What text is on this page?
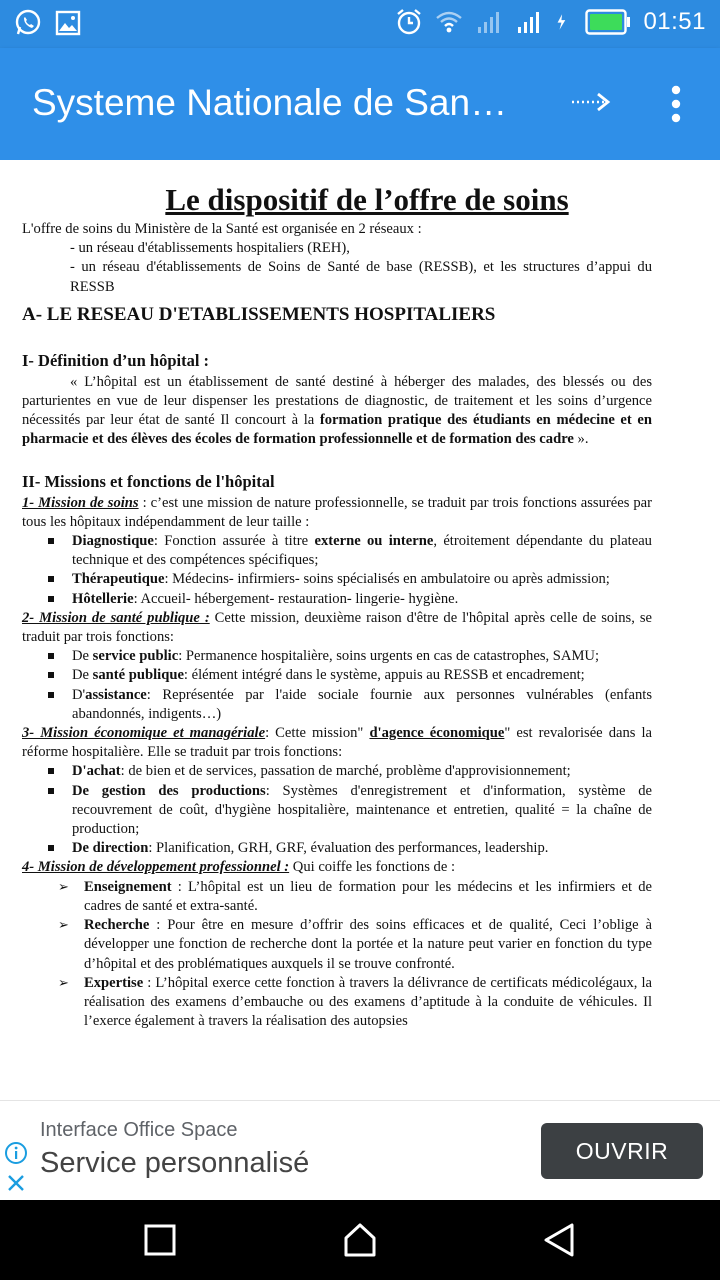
01:51
Systeme Nationale de San…
Le dispositif de l’offre de soins
L'offre de soins du Ministère de la Santé est organisée en 2 réseaux :
- un réseau d'établissements hospitaliers (REH),
- un réseau d'établissements de Soins de Santé de base (RESSB), et les structures d’appui du RESSB
A- LE RESEAU D'ETABLISSEMENTS HOSPITALIERS
I- Définition d’un hôpital :
« L’hôpital est un établissement de santé destiné à héberger des malades, des blessés ou des parturientes en vue de leur dispenser les prestations de diagnostic, de traitement et les soins d’urgence nécessités par leur état de santé Il concourt à la formation pratique des étudiants en médecine et en pharmacie et des élèves des écoles de formation professionnelle et de formation des cadre ».
II- Missions et fonctions de l'hôpital
1- Mission de soins : c’est une mission de nature professionnelle, se traduit par trois fonctions assurées par tous les hôpitaux indépendamment de leur taille :
Diagnostique: Fonction assurée à titre externe ou interne, étroitement dépendante du plateau technique et des compétences spécifiques;
Thérapeutique: Médecins- infirmiers- soins spécialisés en ambulatoire ou après admission;
Hôtellerie: Accueil- hébergement- restauration- lingerie- hygiène.
2- Mission de santé publique : Cette mission, deuxième raison d'être de l'hôpital après celle de soins, se traduit par trois fonctions:
De service public: Permanence hospitalière, soins urgents en cas de catastrophes, SAMU;
De santé publique: élément intégré dans le système, appuis au RESSB et encadrement;
D'assistance: Représentée par l'aide sociale fournie aux personnes vulnérables (enfants abandonnés, indigents…)
3- Mission économique et managériale: Cette mission" d'agence économique" est revalorisée dans la réforme hospitalière. Elle se traduit par trois fonctions:
D'achat: de bien et de services, passation de marché, problème d'approvisionnement;
De gestion des productions: Systèmes d'enregistrement et d'information, système de recouvrement de coût, d'hygiène hospitalière, maintenance et entretien, qualité = la chaîne de production;
De direction: Planification, GRH, GRF, évaluation des performances, leadership.
4- Mission de développement professionnel : Qui coiffe les fonctions de :
➢ Enseignement : L’hôpital est un lieu de formation pour les médecins et les infirmiers et de cadres de santé et extra-santé.
➢ Recherche : Pour être en mesure d’offrir des soins efficaces et de qualité, Ceci l’oblige à développer une fonction de recherche dont la portée et la nature peut varier en fonction du type d’hôpital et des problématiques auxquels il se trouve confronté.
➢ Expertise : L’hôpital exerce cette fonction à travers la délivrance de certificats médicolégaux, la réalisation des examens d’embauche ou des examens d’aptitude à la conduite de véhicules. Il l’exerce également à travers la réalisation des autopsies
Interface Office Space
Service personnalisé	OUVRIR
